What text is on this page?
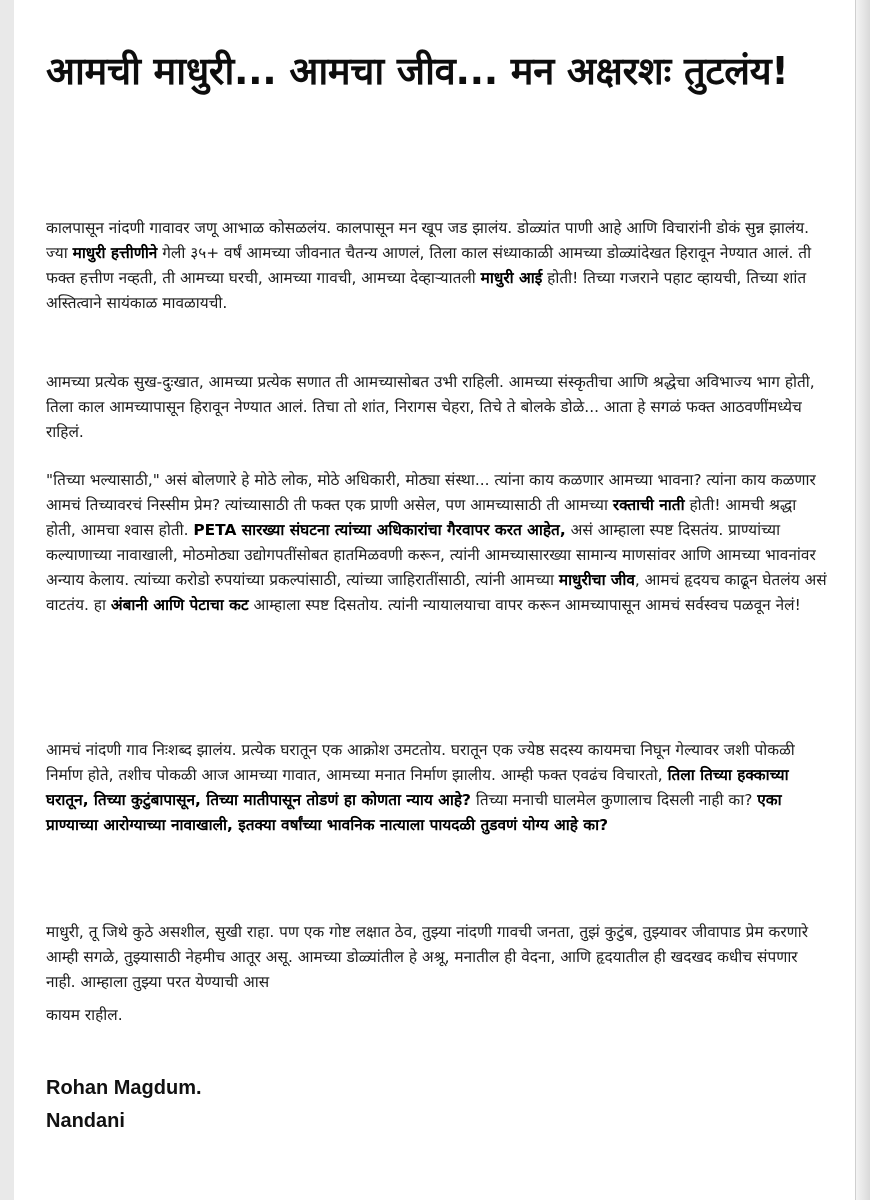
आमची माधुरी... आमचा जीव... मन अक्षरशः तुटलंय!

कालपासून नांदणी गावावर जणू आभाळ कोसळलंय. कालपासून मन खूप जड झालंय. डोळ्यांत पाणी आहे आणि विचारांनी डोकं सुन्न झालंय. ज्या माधुरी हत्तीणीने गेली ३५+ वर्षं आमच्या जीवनात चैतन्य आणलं, तिला काल संध्याकाळी आमच्या डोळ्यांदेखत हिरावून नेण्यात आलं. ती फक्त हत्तीण नव्हती, ती आमच्या घरची, आमच्या गावची, आमच्या देव्हाऱ्यातली माधुरी आई होती! तिच्या गजराने पहाट व्हायची, तिच्या शांत अस्तित्वाने सायंकाळ मावळायची.

आमच्या प्रत्येक सुख-दुःखात, आमच्या प्रत्येक सणात ती आमच्यासोबत उभी राहिली. आमच्या संस्कृतीचा आणि श्रद्धेचा अविभाज्य भाग होती, तिला काल आमच्यापासून हिरावून नेण्यात आलं. तिचा तो शांत, निरागस चेहरा, तिचे ते बोलके डोळे... आता हे सगळं फक्त आठवणींमध्येच राहिलं.

"तिच्या भल्यासाठी," असं बोलणारे हे मोठे लोक, मोठे अधिकारी, मोठ्या संस्था... त्यांना काय कळणार आमच्या भावना? त्यांना काय कळणार आमचं तिच्यावरचं निस्सीम प्रेम? त्यांच्यासाठी ती फक्त एक प्राणी असेल, पण आमच्यासाठी ती आमच्या रक्ताची नाती होती! आमची श्रद्धा होती, आमचा श्वास होती. PETA सारख्या संघटना त्यांच्या अधिकारांचा गैरवापर करत आहेत, असं आम्हाला स्पष्ट दिसतंय. प्राण्यांच्या कल्याणाच्या नावाखाली, मोठमोठ्या उद्योगपतींसोबत हातमिळवणी करून, त्यांनी आमच्यासारख्या सामान्य माणसांवर आणि आमच्या भावनांवर अन्याय केलाय. त्यांच्या करोडो रुपयांच्या प्रकल्पांसाठी, त्यांच्या जाहिरातींसाठी, त्यांनी आमच्या माधुरीचा जीव, आमचं हृदयच काढून घेतलंय असं वाटतंय. हा अंबानी आणि पेटाचा कट आम्हाला स्पष्ट दिसतोय. त्यांनी न्यायालयाचा वापर करून आमच्यापासून आमचं सर्वस्वच पळवून नेलं!

आमचं नांदणी गाव निःशब्द झालंय. प्रत्येक घरातून एक आक्रोश उमटतोय. घरातून एक ज्येष्ठ सदस्य कायमचा निघून गेल्यावर जशी पोकळी निर्माण होते, तशीच पोकळी आज आमच्या गावात, आमच्या मनात निर्माण झालीय. आम्ही फक्त एवढंच विचारतो, तिला तिच्या हक्काच्या घरातून, तिच्या कुटुंबापासून, तिच्या मातीपासून तोडणं हा कोणता न्याय आहे? तिच्या मनाची घालमेल कुणालाच दिसली नाही का? एका प्राण्याच्या आरोग्याच्या नावाखाली, इतक्या वर्षांच्या भावनिक नात्याला पायदळी तुडवणं योग्य आहे का?

माधुरी, तू जिथे कुठे असशील, सुखी राहा. पण एक गोष्ट लक्षात ठेव, तुझ्या नांदणी गावची जनता, तुझं कुटुंब, तुझ्यावर जीवापाड प्रेम करणारे आम्ही सगळे, तुझ्यासाठी नेहमीच आतूर असू. आमच्या डोळ्यांतील हे अश्रू, मनातील ही वेदना, आणि हृदयातील ही खदखद कधीच संपणार नाही. आम्हाला तुझ्या परत येण्याची आस
कायम राहील.

Rohan Magdum.
Nandani
